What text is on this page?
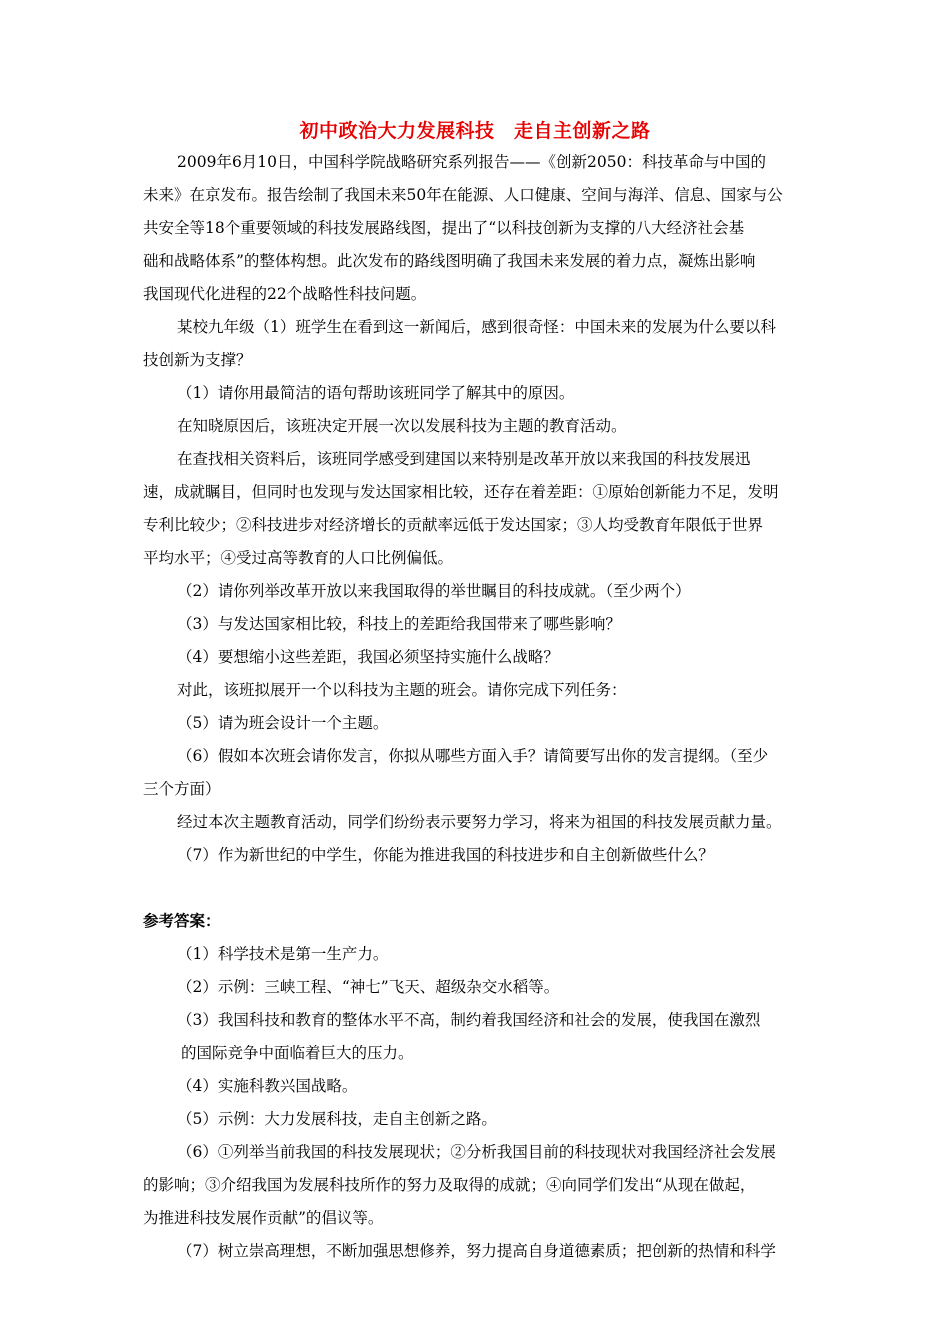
初中政治大力发展科技　走自主创新之路
2009年6月10日，中国科学院战略研究系列报告——《创新2050：科技革命与中国的
未来》在京发布。报告绘制了我国未来50年在能源、人口健康、空间与海洋、信息、国家与公
共安全等18个重要领域的科技发展路线图，提出了“以科技创新为支撑的八大经济社会基
础和战略体系”的整体构想。此次发布的路线图明确了我国未来发展的着力点，凝炼出影响
我国现代化进程的22个战略性科技问题。
某校九年级（1）班学生在看到这一新闻后，感到很奇怪：中国未来的发展为什么要以科
技创新为支撑？
（1）请你用最简洁的语句帮助该班同学了解其中的原因。
在知晓原因后，该班决定开展一次以发展科技为主题的教育活动。
在查找相关资料后，该班同学感受到建国以来特别是改革开放以来我国的科技发展迅
速，成就瞩目，但同时也发现与发达国家相比较，还存在着差距：①原始创新能力不足，发明
专利比较少；②科技进步对经济增长的贡献率远低于发达国家；③人均受教育年限低于世界
平均水平；④受过高等教育的人口比例偏低。
（2）请你列举改革开放以来我国取得的举世瞩目的科技成就。（至少两个）
（3）与发达国家相比较，科技上的差距给我国带来了哪些影响？
（4）要想缩小这些差距，我国必须坚持实施什么战略？
对此，该班拟展开一个以科技为主题的班会。请你完成下列任务：
（5）请为班会设计一个主题。
（6）假如本次班会请你发言，你拟从哪些方面入手？请简要写出你的发言提纲。（至少
三个方面）
经过本次主题教育活动，同学们纷纷表示要努力学习，将来为祖国的科技发展贡献力量。
（7）作为新世纪的中学生，你能为推进我国的科技进步和自主创新做些什么？
参考答案：
（1）科学技术是第一生产力。
（2）示例：三峡工程、“神七”飞天、超级杂交水稻等。
（3）我国科技和教育的整体水平不高，制约着我国经济和社会的发展，使我国在激烈
的国际竞争中面临着巨大的压力。
（4）实施科教兴国战略。
（5）示例：大力发展科技，走自主创新之路。
（6）①列举当前我国的科技发展现状；②分析我国目前的科技现状对我国经济社会发展
的影响；③介绍我国为发展科技所作的努力及取得的成就；④向同学们发出“从现在做起，
为推进科技发展作贡献”的倡议等。
（7）树立崇高理想，不断加强思想修养，努力提高自身道德素质；把创新的热情和科学
